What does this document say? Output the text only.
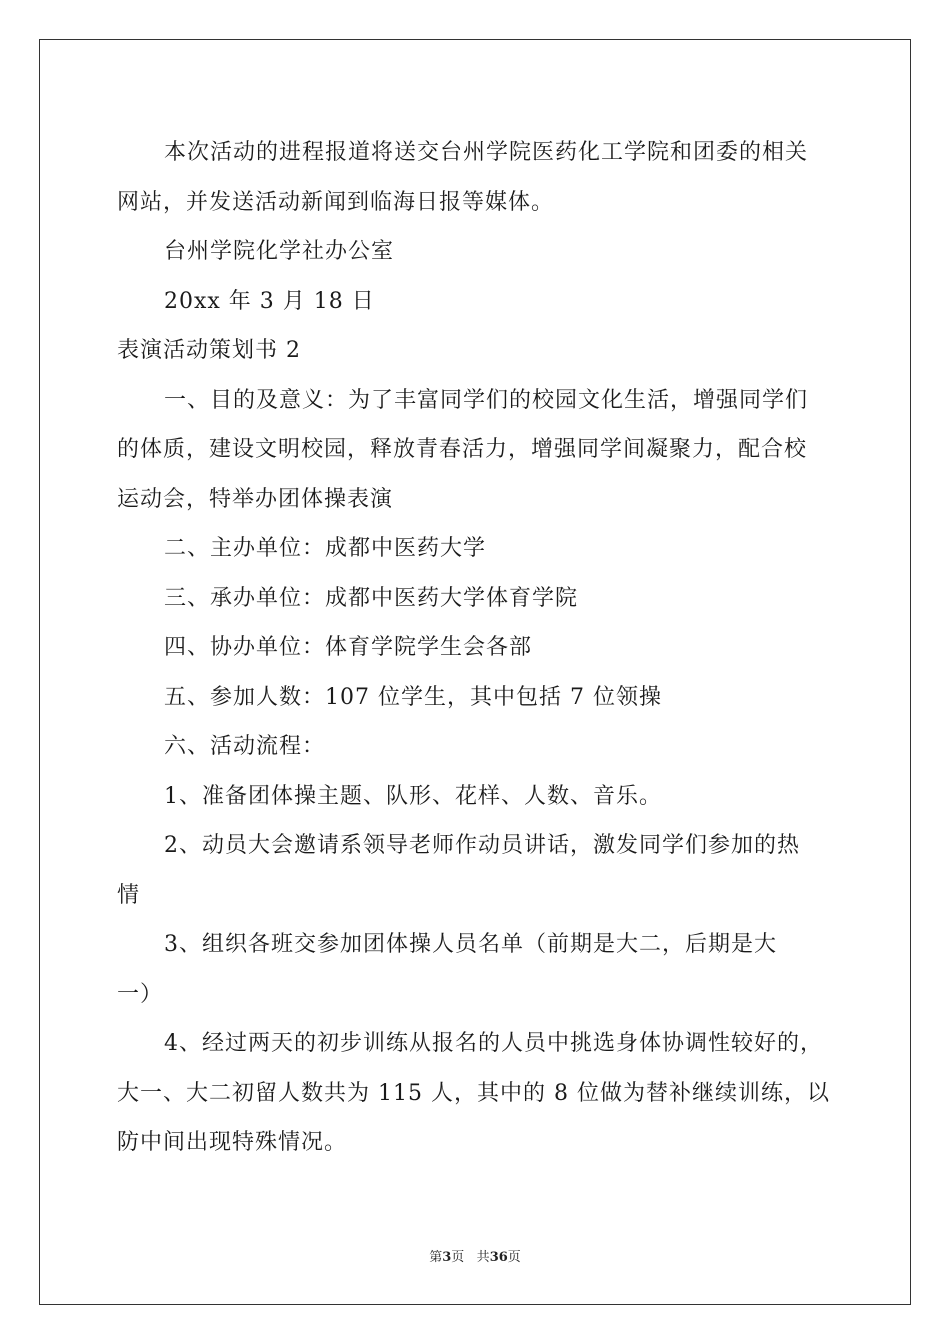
本次活动的进程报道将送交台州学院医药化工学院和团委的相关
网站，并发送活动新闻到临海日报等媒体。
台州学院化学社办公室
20xx 年 3 月 18 日
表演活动策划书 2
一、目的及意义：为了丰富同学们的校园文化生活，增强同学们
的体质，建设文明校园，释放青春活力，增强同学间凝聚力，配合校
运动会，特举办团体操表演
二、主办单位：成都中医药大学
三、承办单位：成都中医药大学体育学院
四、协办单位：体育学院学生会各部
五、参加人数：107 位学生，其中包括 7 位领操
六、活动流程：
1、准备团体操主题、队形、花样、人数、音乐。
2、动员大会邀请系领导老师作动员讲话，激发同学们参加的热
情
3、组织各班交参加团体操人员名单（前期是大二，后期是大
一）
4、经过两天的初步训练从报名的人员中挑选身体协调性较好的，
大一、大二初留人数共为 115 人，其中的 8 位做为替补继续训练，以
防中间出现特殊情况。
第3页 共36页
